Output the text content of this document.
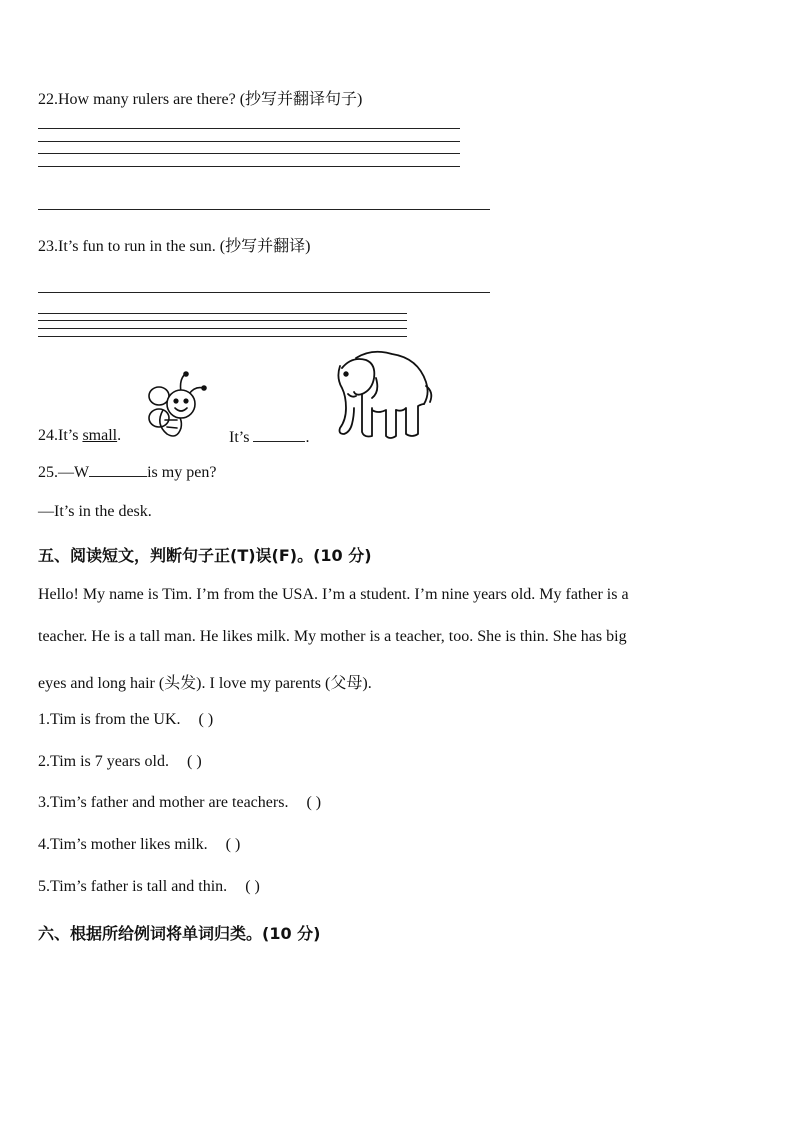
22.How many rulers are there? (抄写并翻译句子)
23.It’s fun to run in the sun. (抄写并翻译)
24.It’s small.	It’s	.
25.—W	is my pen?
—It’s in the desk.
五、阅读短文，判断句子正(T)误(F)。(10 分)
Hello! My name is Tim. I’m from the USA. I’m a student. I’m nine years old. My father is a
teacher. He is a tall man. He likes milk. My mother is a teacher, too. She is thin. She has big
eyes and long hair (头发). I love my parents (父母).
1.Tim is from the UK. ( )
2.Tim is 7 years old. ( )
3.Tim’s father and mother are teachers. ( )
4.Tim’s mother likes milk. ( )
5.Tim’s father is tall and thin. ( )
六、根据所给例词将单词归类。(10 分)
